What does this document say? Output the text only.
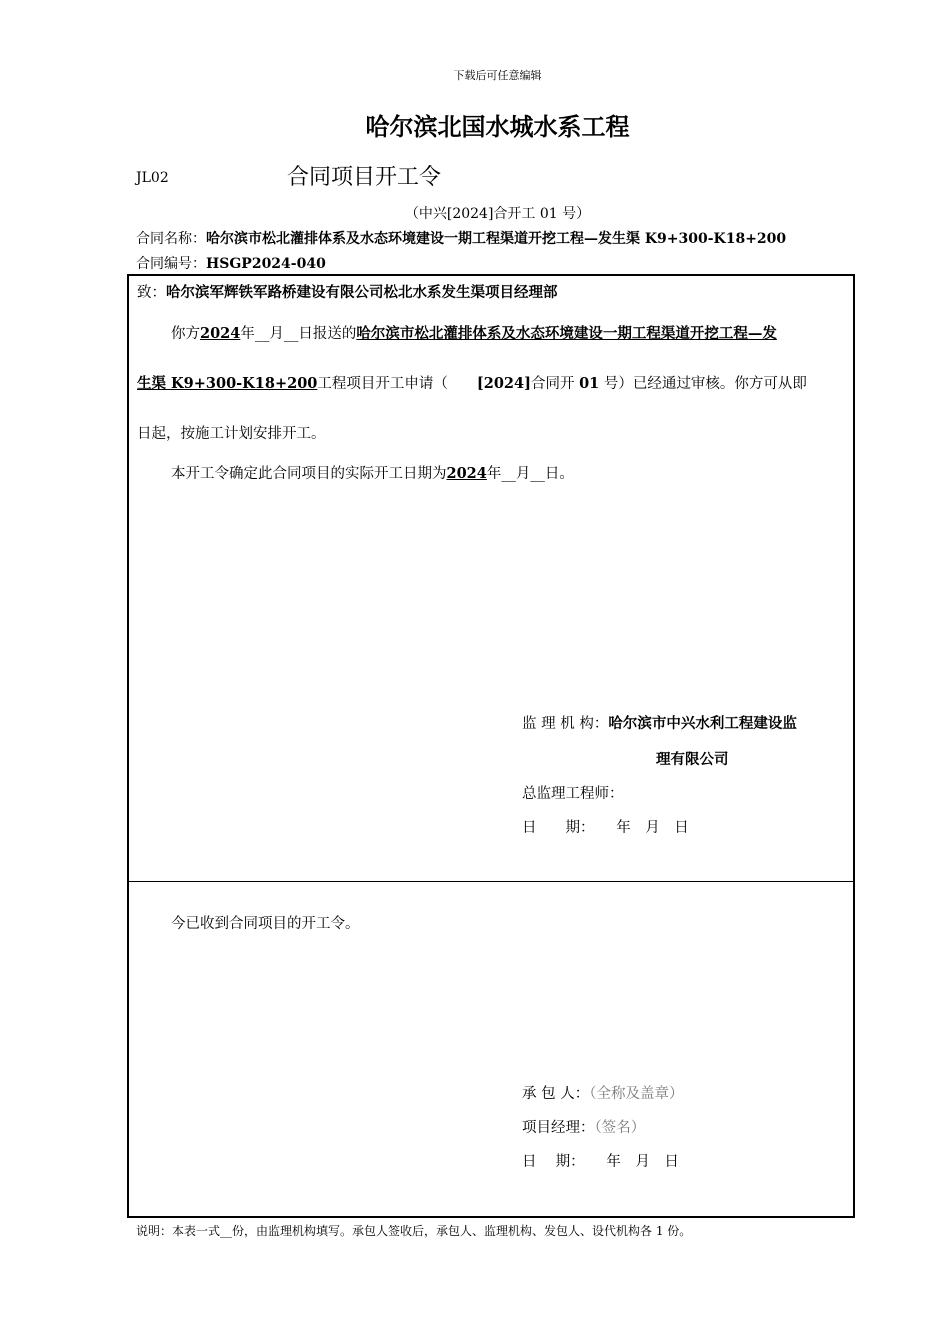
下载后可任意编辑
哈尔滨北国水城水系工程
JL02	合同项目开工令
（中兴[2024]合开工 01 号）
合同名称：哈尔滨市松北灌排体系及水态环境建设一期工程渠道开挖工程—发生渠 K9+300-K18+200
合同编号：HSGP2024-040
致：哈尔滨军辉铁军路桥建设有限公司松北水系发生渠项目经理部
你方2024年__月__日报送的哈尔滨市松北灌排体系及水态环境建设一期工程渠道开挖工程—发
生渠 K9+300-K18+200工程项目开工申请（   [2024]合同开 01 号）已经通过审核。你方可从即
日起，按施工计划安排开工。
本开工令确定此合同项目的实际开工日期为2024年__月__日。
监 理 机 构：哈尔滨市中兴水利工程建设监
理有限公司
总监理工程师：
日　　期：   年　月　日
今已收到合同项目的开工令。
承 包 人：（全称及盖章）
项目经理：（签名）
日　 期：   年　月　日
说明：本表一式__份，由监理机构填写。承包人签收后，承包人、监理机构、发包人、设代机构各 1 份。
